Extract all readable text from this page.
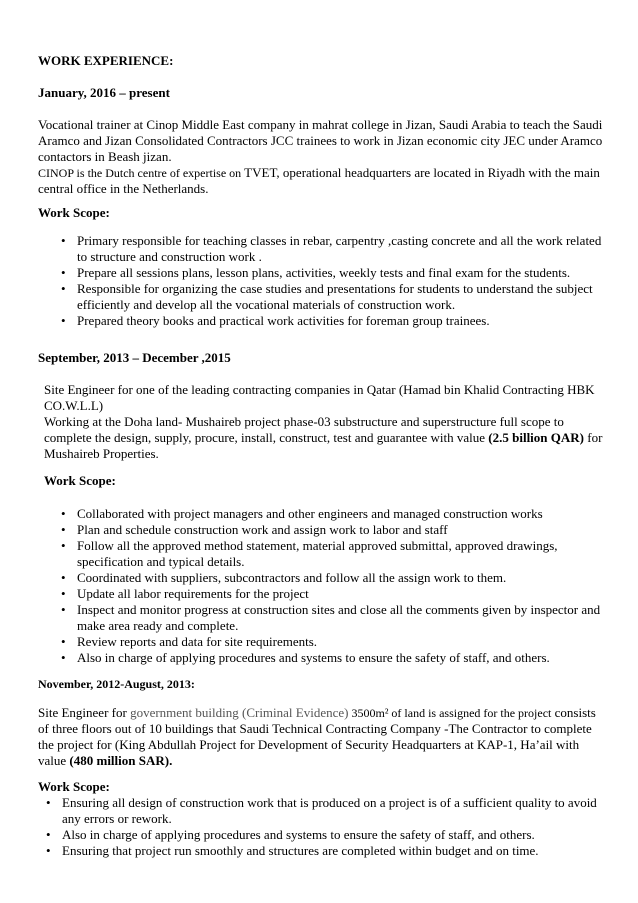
WORK EXPERIENCE:
January, 2016 – present

Vocational trainer at Cinop Middle East company in mahrat college in Jizan, Saudi Arabia to teach the Saudi Aramco and Jizan Consolidated Contractors JCC trainees to work in Jizan economic city JEC under Aramco contactors in Beash jizan.

CINOP is the Dutch centre of expertise on TVET, operational headquarters are located in Riyadh with the main central office in the Netherlands.

Work Scope:
• Primary responsible for teaching classes in rebar, carpentry ,casting concrete and all the work related to structure and construction work .
• Prepare all sessions plans, lesson plans, activities, weekly tests and final exam for the students.
• Responsible for organizing the case studies and presentations for students to understand the subject efficiently and develop all the vocational materials of construction work.
• Prepared theory books and practical work activities for foreman group trainees.
September, 2013 – December ,2015

Site Engineer for one of the leading contracting companies in Qatar (Hamad bin Khalid Contracting HBK CO.W.L.L)

Working at the Doha land- Mushaireb project phase-03 substructure and superstructure full scope to complete the design, supply, procure, install, construct, test and guarantee with value (2.5 billion QAR) for Mushaireb Properties.

Work Scope:
• Collaborated with project managers and other engineers and managed construction works
• Plan and schedule construction work and assign work to labor and staff
• Follow all the approved method statement, material approved submittal, approved drawings, specification and typical details.
• Coordinated with suppliers, subcontractors and follow all the assign work to them.
• Update all labor requirements for the project
• Inspect and monitor progress at construction sites and close all the comments given by inspector and make area ready and complete.
• Review reports and data for site requirements.
• Also in charge of applying procedures and systems to ensure the safety of staff, and others.
November, 2012-August, 2013:

Site Engineer for government building (Criminal Evidence) 3500m² of land is assigned for the project consists of three floors out of 10 buildings that Saudi Technical Contracting Company -The Contractor to complete the project for (King Abdullah Project for Development of Security Headquarters at KAP-1, Ha’ail with value (480 million SAR).

Work Scope:
• Ensuring all design of construction work that is produced on a project is of a sufficient quality to avoid any errors or rework.
• Also in charge of applying procedures and systems to ensure the safety of staff, and others.
• Ensuring that project run smoothly and structures are completed within budget and on time.
